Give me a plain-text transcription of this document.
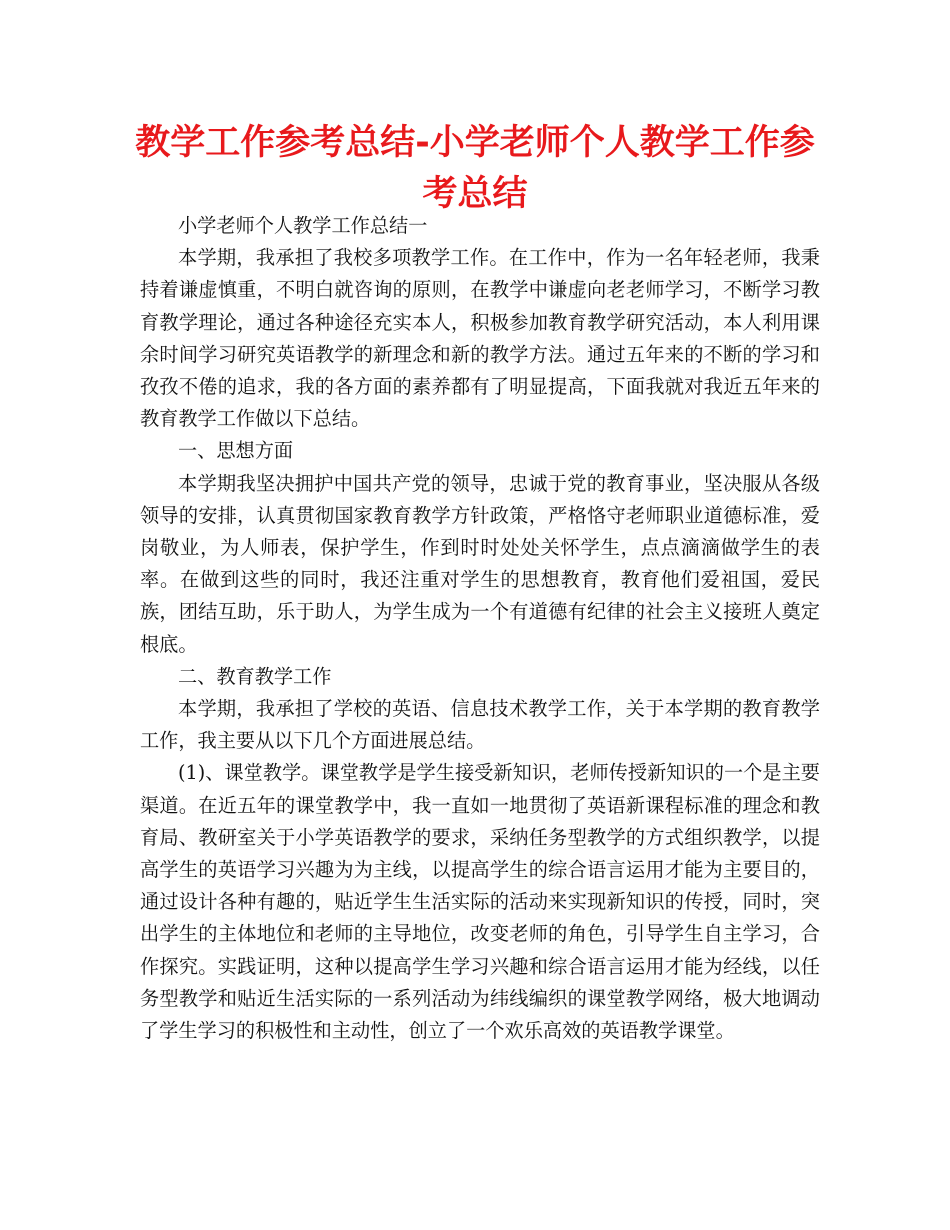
教学工作参考总结-小学老师个人教学工作参考总结

小学老师个人教学工作总结一

本学期，我承担了我校多项教学工作。在工作中，作为一名年轻老师，我秉持着谦虚慎重，不明白就咨询的原则，在教学中谦虚向老老师学习，不断学习教育教学理论，通过各种途径充实本人，积极参加教育教学研究活动，本人利用课余时间学习研究英语教学的新理念和新的教学方法。通过五年来的不断的学习和孜孜不倦的追求，我的各方面的素养都有了明显提高，下面我就对我近五年来的教育教学工作做以下总结。

一、思想方面

本学期我坚决拥护中国共产党的领导，忠诚于党的教育事业，坚决服从各级领导的安排，认真贯彻国家教育教学方针政策，严格恪守老师职业道德标准，爱岗敬业，为人师表，保护学生，作到时时处处关怀学生，点点滴滴做学生的表率。在做到这些的同时，我还注重对学生的思想教育，教育他们爱祖国，爱民族，团结互助，乐于助人，为学生成为一个有道德有纪律的社会主义接班人奠定根底。

二、教育教学工作

本学期，我承担了学校的英语、信息技术教学工作，关于本学期的教育教学工作，我主要从以下几个方面进展总结。

(1)、课堂教学。课堂教学是学生接受新知识，老师传授新知识的一个是主要渠道。在近五年的课堂教学中，我一直如一地贯彻了英语新课程标准的理念和教育局、教研室关于小学英语教学的要求，采纳任务型教学的方式组织教学，以提高学生的英语学习兴趣为为主线，以提高学生的综合语言运用才能为主要目的，通过设计各种有趣的，贴近学生生活实际的活动来实现新知识的传授，同时，突出学生的主体地位和老师的主导地位，改变老师的角色，引导学生自主学习，合作探究。实践证明，这种以提高学生学习兴趣和综合语言运用才能为经线，以任务型教学和贴近生活实际的一系列活动为纬线编织的课堂教学网络，极大地调动了学生学习的积极性和主动性，创立了一个欢乐高效的英语教学课堂。
